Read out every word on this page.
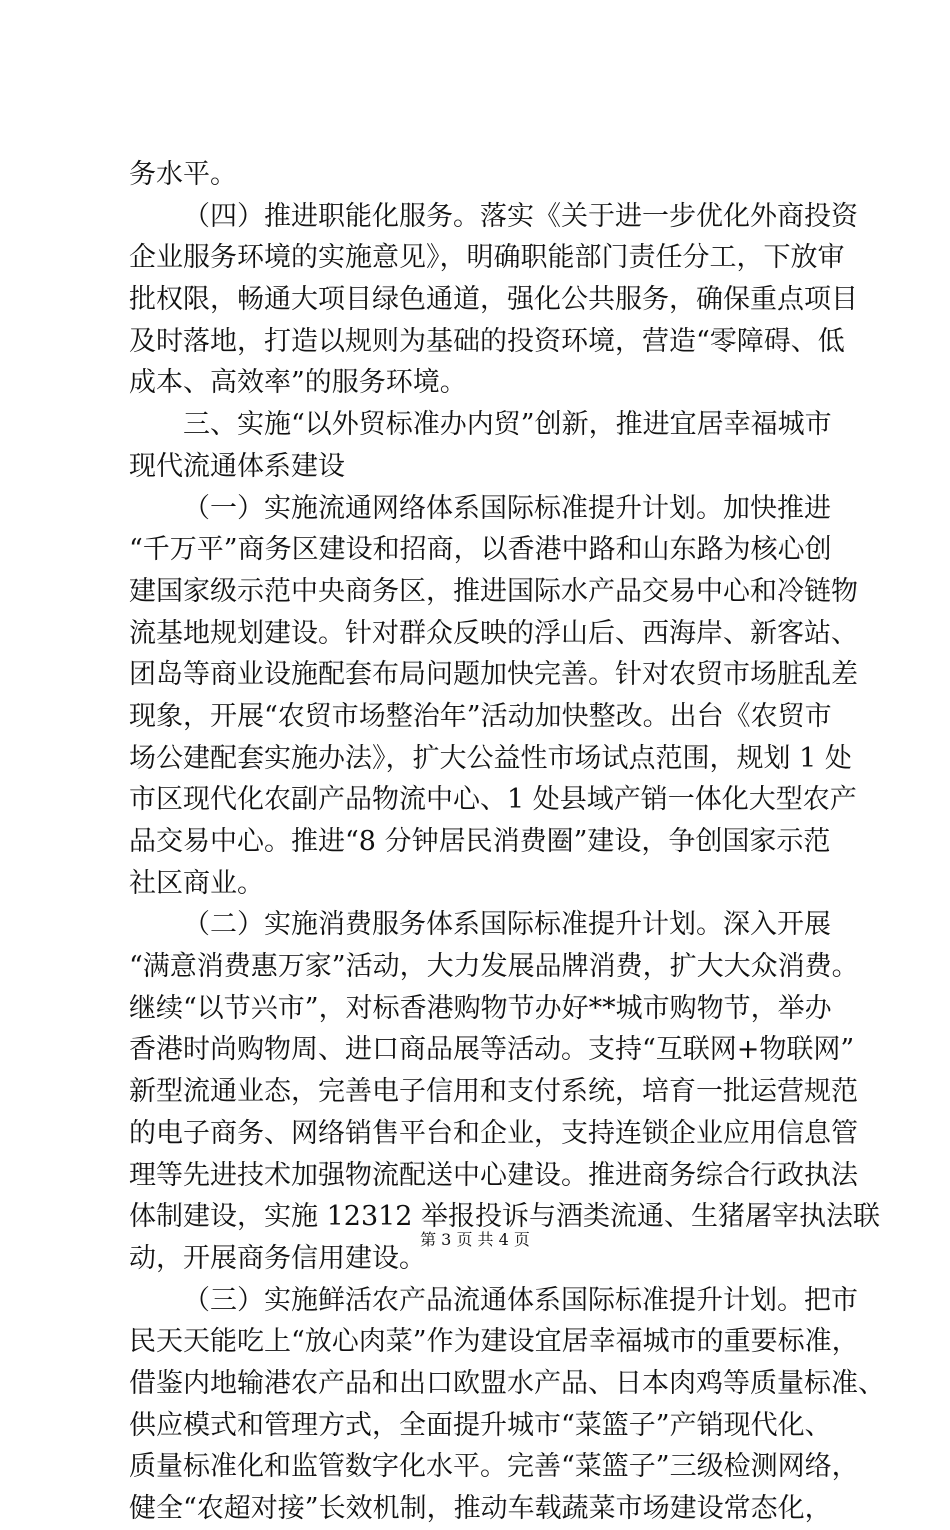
务水平。
（四）推进职能化服务。落实《关于进一步优化外商投资
企业服务环境的实施意见》，明确职能部门责任分工，下放审
批权限，畅通大项目绿色通道，强化公共服务，确保重点项目
及时落地，打造以规则为基础的投资环境，营造“零障碍、低
成本、高效率”的服务环境。
三、实施“以外贸标准办内贸”创新，推进宜居幸福城市
现代流通体系建设
（一）实施流通网络体系国际标准提升计划。加快推进
“千万平”商务区建设和招商，以香港中路和山东路为核心创
建国家级示范中央商务区，推进国际水产品交易中心和冷链物
流基地规划建设。针对群众反映的浮山后、西海岸、新客站、
团岛等商业设施配套布局问题加快完善。针对农贸市场脏乱差
现象，开展“农贸市场整治年”活动加快整改。出台《农贸市
场公建配套实施办法》，扩大公益性市场试点范围，规划 1 处
市区现代化农副产品物流中心、1 处县域产销一体化大型农产
品交易中心。推进“8 分钟居民消费圈”建设，争创国家示范
社区商业。
（二）实施消费服务体系国际标准提升计划。深入开展
“满意消费惠万家”活动，大力发展品牌消费，扩大大众消费。
继续“以节兴市”，对标香港购物节办好**城市购物节，举办
香港时尚购物周、进口商品展等活动。支持“互联网+物联网”
新型流通业态，完善电子信用和支付系统，培育一批运营规范
的电子商务、网络销售平台和企业，支持连锁企业应用信息管
理等先进技术加强物流配送中心建设。推进商务综合行政执法
体制建设，实施 12312 举报投诉与酒类流通、生猪屠宰执法联
动，开展商务信用建设。
（三）实施鲜活农产品流通体系国际标准提升计划。把市
民天天能吃上“放心肉菜”作为建设宜居幸福城市的重要标准，
借鉴内地输港农产品和出口欧盟水产品、日本肉鸡等质量标准、
供应模式和管理方式，全面提升城市“菜篮子”产销现代化、
质量标准化和监管数字化水平。完善“菜篮子”三级检测网络，
健全“农超对接”长效机制，推动车载蔬菜市场建设常态化，
第 3 页 共 4 页
